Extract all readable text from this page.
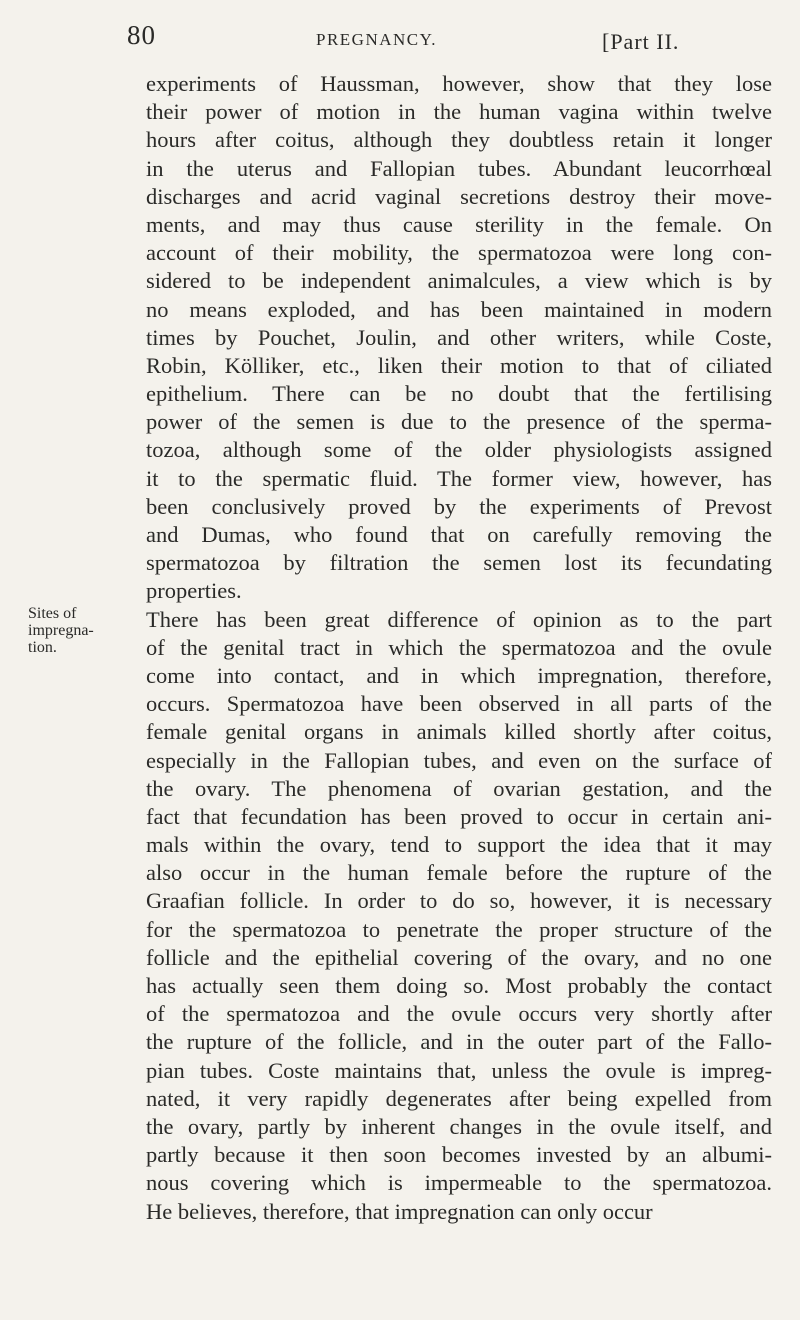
80	PREGNANCY.	[Part II.
Sites of
impregna-
tion.
experiments of Haussman, however, show that they lose
their power of motion in the human vagina within twelve
hours after coitus, although they doubtless retain it longer
in the uterus and Fallopian tubes. Abundant leucorrhœal
discharges and acrid vaginal secretions destroy their move-
ments, and may thus cause sterility in the female. On
account of their mobility, the spermatozoa were long con-
sidered to be independent animalcules, a view which is by
no means exploded, and has been maintained in modern
times by Pouchet, Joulin, and other writers, while Coste,
Robin, Kölliker, etc., liken their motion to that of ciliated
epithelium. There can be no doubt that the fertilising
power of the semen is due to the presence of the sperma-
tozoa, although some of the older physiologists assigned
it to the spermatic fluid. The former view, however, has
been conclusively proved by the experiments of Prevost
and Dumas, who found that on carefully removing the
spermatozoa by filtration the semen lost its fecundating
properties.
There has been great difference of opinion as to the part
of the genital tract in which the spermatozoa and the ovule
come into contact, and in which impregnation, therefore,
occurs. Spermatozoa have been observed in all parts of the
female genital organs in animals killed shortly after coitus,
especially in the Fallopian tubes, and even on the surface of
the ovary. The phenomena of ovarian gestation, and the
fact that fecundation has been proved to occur in certain ani-
mals within the ovary, tend to support the idea that it may
also occur in the human female before the rupture of the
Graafian follicle. In order to do so, however, it is necessary
for the spermatozoa to penetrate the proper structure of the
follicle and the epithelial covering of the ovary, and no one
has actually seen them doing so. Most probably the contact
of the spermatozoa and the ovule occurs very shortly after
the rupture of the follicle, and in the outer part of the Fallo-
pian tubes. Coste maintains that, unless the ovule is impreg-
nated, it very rapidly degenerates after being expelled from
the ovary, partly by inherent changes in the ovule itself, and
partly because it then soon becomes invested by an albumi-
nous covering which is impermeable to the spermatozoa.
He believes, therefore, that impregnation can only occur
